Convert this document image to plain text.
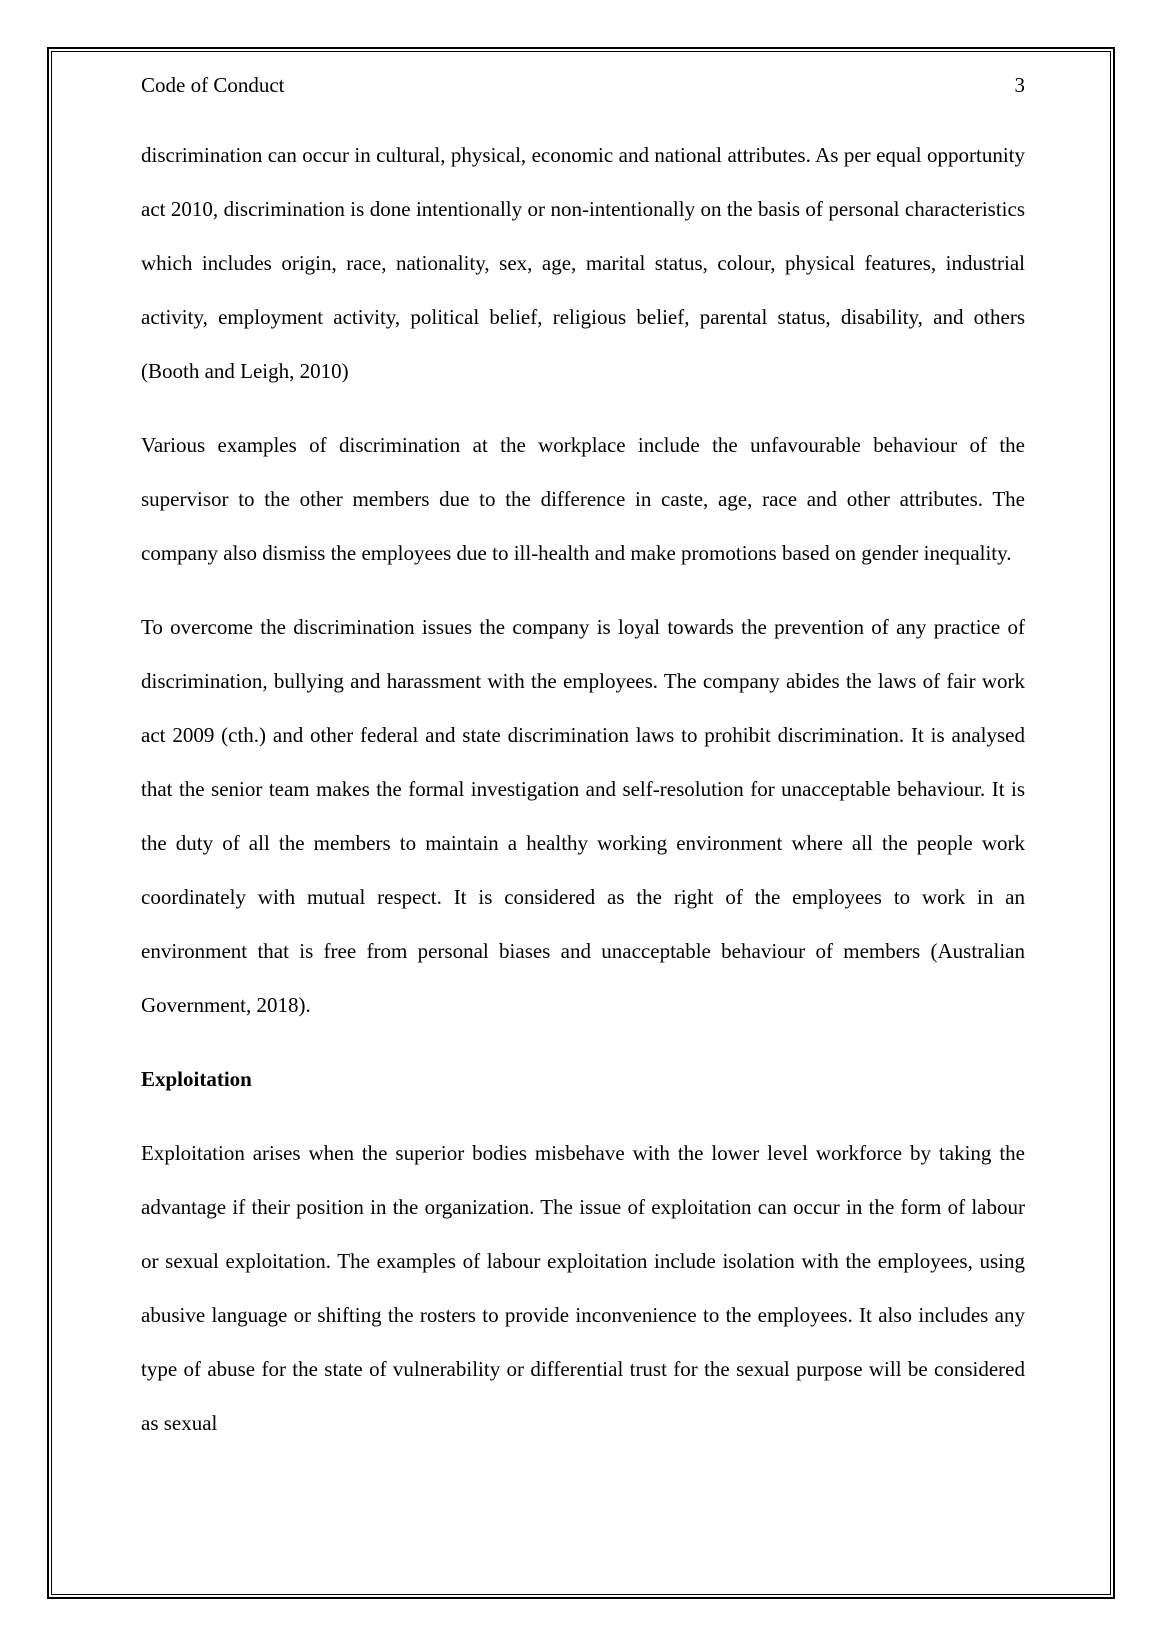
Code of Conduct	3

discrimination can occur in cultural, physical, economic and national attributes. As per equal opportunity act 2010, discrimination is done intentionally or non-intentionally on the basis of personal characteristics which includes origin, race, nationality, sex, age, marital status, colour, physical features, industrial activity, employment activity, political belief, religious belief, parental status, disability, and others (Booth and Leigh, 2010)

Various examples of discrimination at the workplace include the unfavourable behaviour of the supervisor to the other members due to the difference in caste, age, race and other attributes. The company also dismiss the employees due to ill-health and make promotions based on gender inequality.

To overcome the discrimination issues the company is loyal towards the prevention of any practice of discrimination, bullying and harassment with the employees. The company abides the laws of fair work act 2009 (cth.) and other federal and state discrimination laws to prohibit discrimination. It is analysed that the senior team makes the formal investigation and self-resolution for unacceptable behaviour. It is the duty of all the members to maintain a healthy working environment where all the people work coordinately with mutual respect. It is considered as the right of the employees to work in an environment that is free from personal biases and unacceptable behaviour of members (Australian Government, 2018).

Exploitation

Exploitation arises when the superior bodies misbehave with the lower level workforce by taking the advantage if their position in the organization. The issue of exploitation can occur in the form of labour or sexual exploitation. The examples of labour exploitation include isolation with the employees, using abusive language or shifting the rosters to provide inconvenience to the employees. It also includes any type of abuse for the state of vulnerability or differential trust for the sexual purpose will be considered as sexual
